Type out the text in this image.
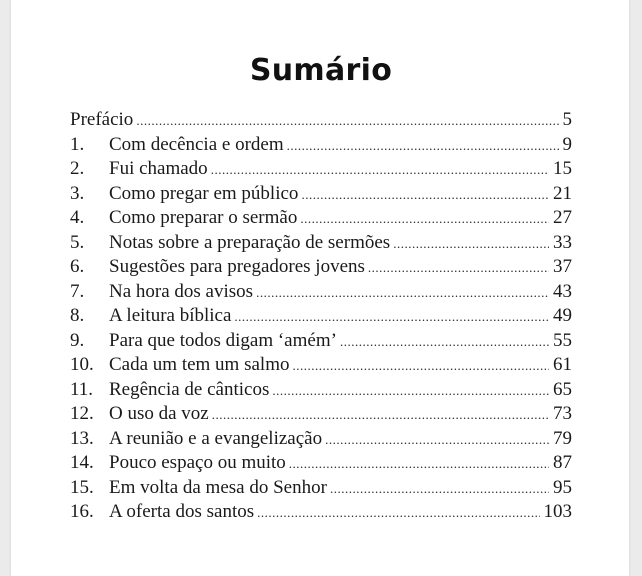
Sumário
Prefácio .....	5
1.	Com decência e ordem .....	9
2.	Fui chamado .....	15
3.	Como pregar em público .....	21
4.	Como preparar o sermão .....	27
5.	Notas sobre a preparação de sermões .....	33
6.	Sugestões para pregadores jovens .....	37
7.	Na hora dos avisos .....	43
8.	A leitura bíblica .....	49
9.	Para que todos digam ‘amém’ .....	55
10. Cada um tem um salmo .....	61
11. Regência de cânticos .....	65
12. O uso da voz .....	73
13. A reunião e a evangelização .....	79
14. Pouco espaço ou muito .....	87
15. Em volta da mesa do Senhor .....	95
16. A oferta dos santos .....	103
